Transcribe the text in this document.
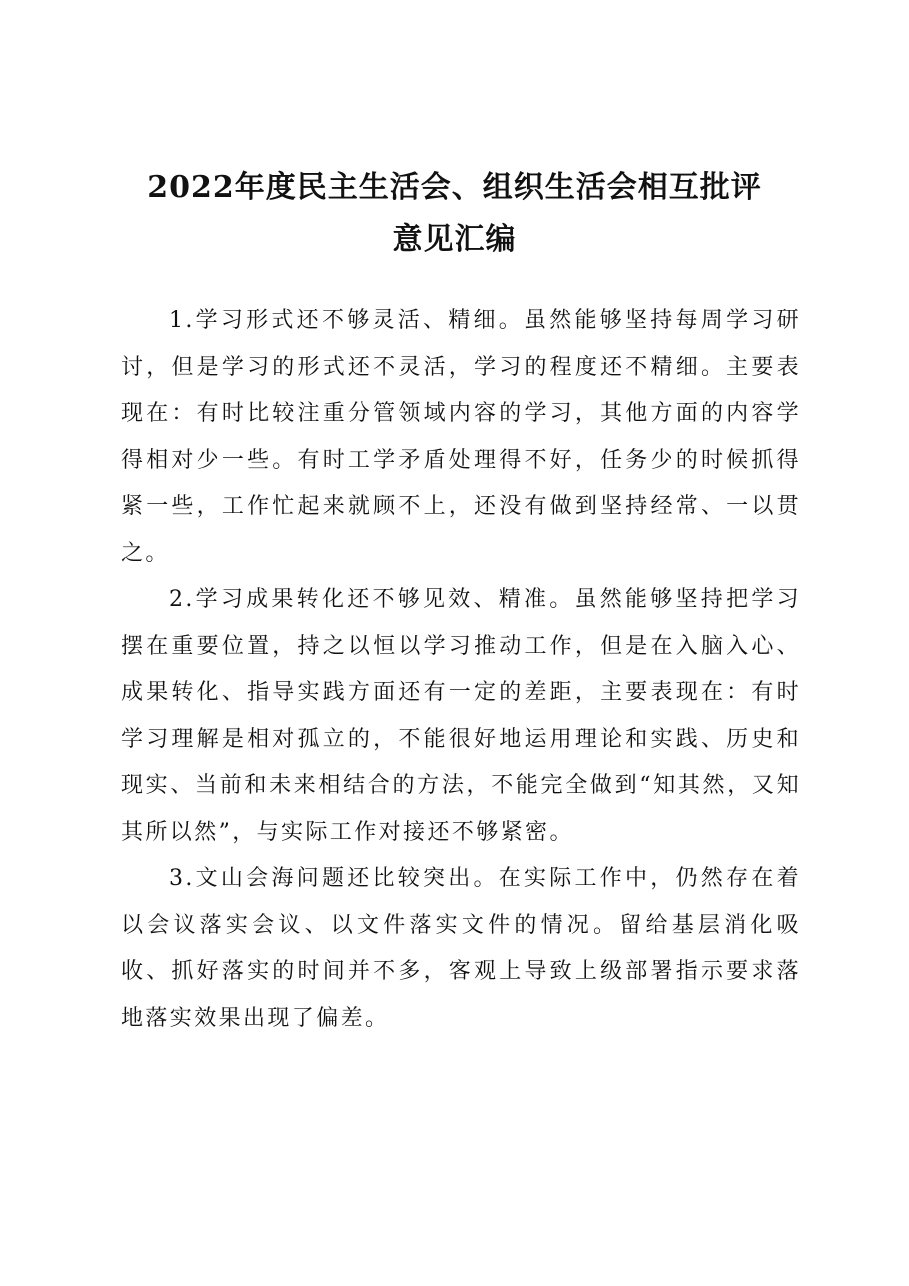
2022年度民主生活会、组织生活会相互批评
意见汇编

1.学习形式还不够灵活、精细。虽然能够坚持每周学习研讨，但是学习的形式还不灵活，学习的程度还不精细。主要表现在：有时比较注重分管领域内容的学习，其他方面的内容学得相对少一些。有时工学矛盾处理得不好，任务少的时候抓得紧一些，工作忙起来就顾不上，还没有做到坚持经常、一以贯之。

2.学习成果转化还不够见效、精准。虽然能够坚持把学习摆在重要位置，持之以恒以学习推动工作，但是在入脑入心、成果转化、指导实践方面还有一定的差距，主要表现在：有时学习理解是相对孤立的，不能很好地运用理论和实践、历史和现实、当前和未来相结合的方法，不能完全做到“知其然，又知其所以然”，与实际工作对接还不够紧密。

3.文山会海问题还比较突出。在实际工作中，仍然存在着以会议落实会议、以文件落实文件的情况。留给基层消化吸收、抓好落实的时间并不多，客观上导致上级部署指示要求落地落实效果出现了偏差。
